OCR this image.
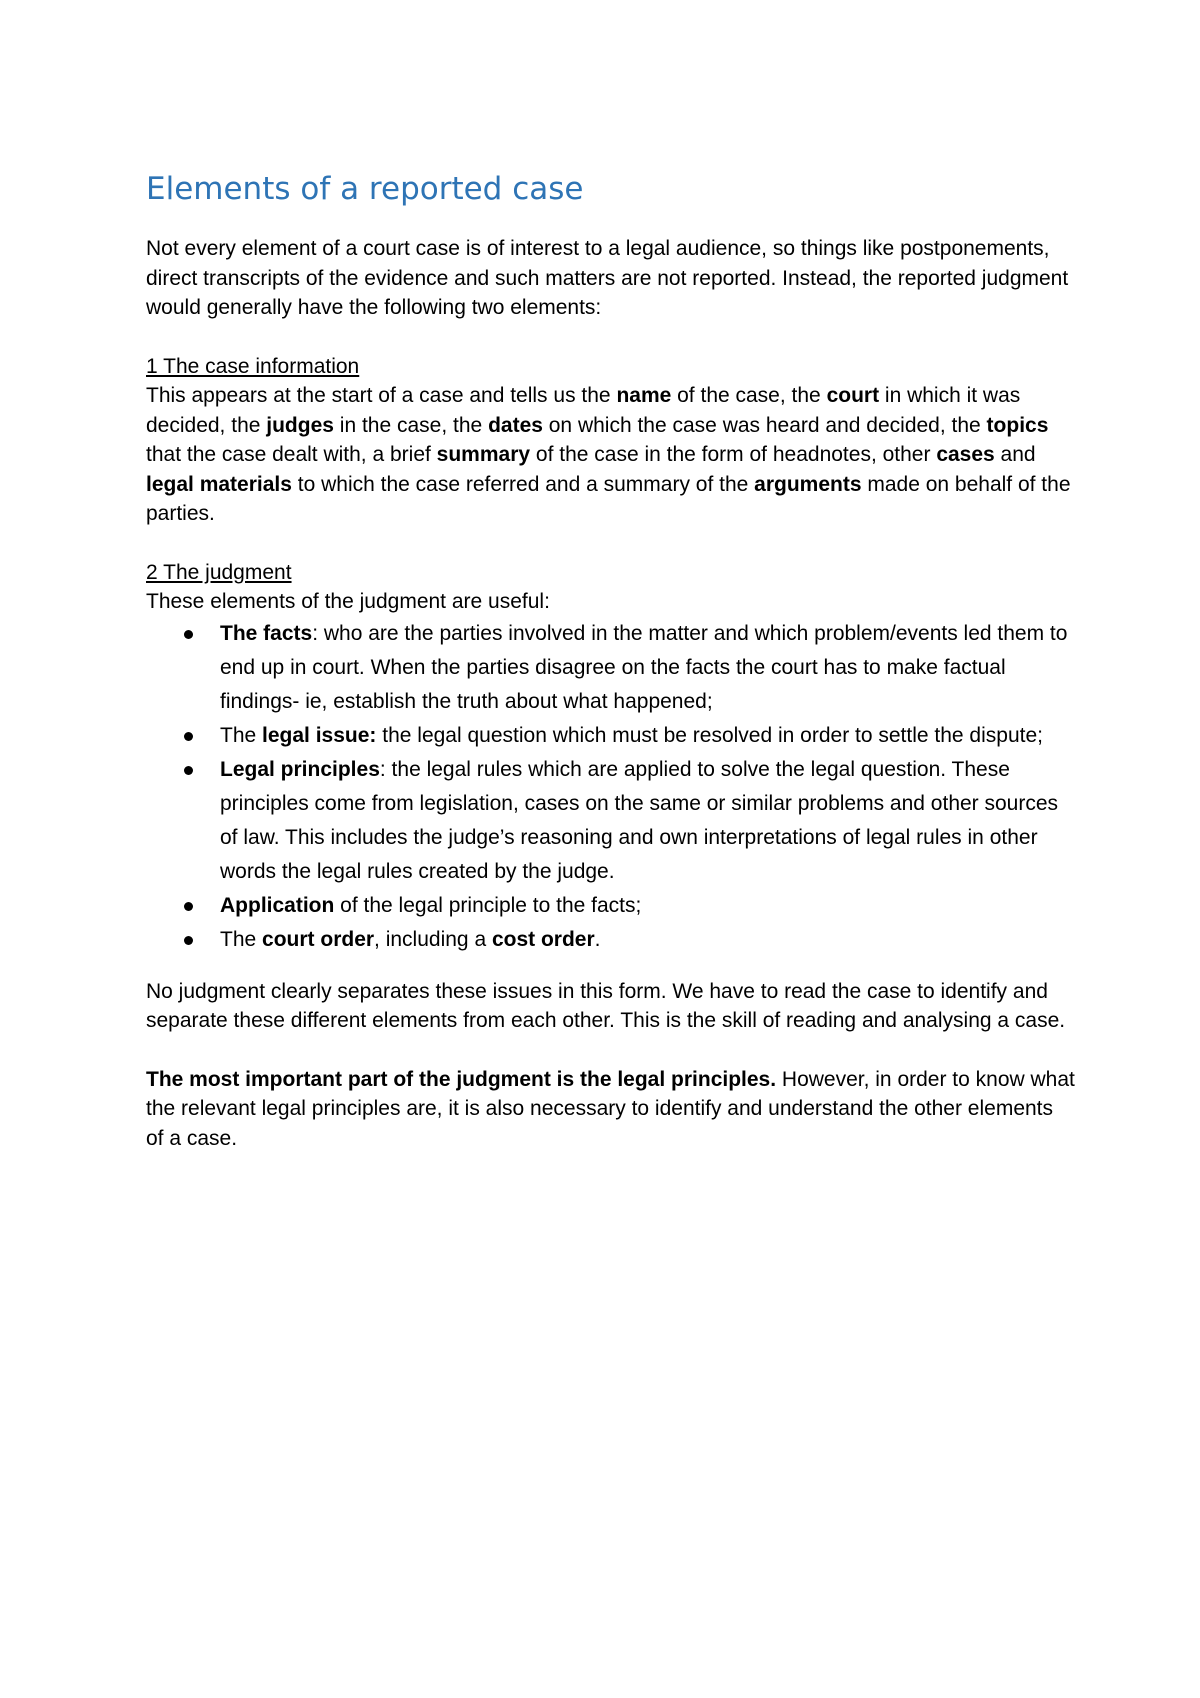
Elements of a reported case

Not every element of a court case is of interest to a legal audience, so things like postponements, direct transcripts of the evidence and such matters are not reported. Instead, the reported judgment would generally have the following two elements:

1 The case information

This appears at the start of a case and tells us the name of the case, the court in which it was decided, the judges in the case, the dates on which the case was heard and decided, the topics that the case dealt with, a brief summary of the case in the form of headnotes, other cases and legal materials to which the case referred and a summary of the arguments made on behalf of the parties.

2 The judgment

These elements of the judgment are useful:

The facts: who are the parties involved in the matter and which problem/events led them to end up in court. When the parties disagree on the facts the court has to make factual findings- ie, establish the truth about what happened;
The legal issue: the legal question which must be resolved in order to settle the dispute;
Legal principles: the legal rules which are applied to solve the legal question. These principles come from legislation, cases on the same or similar problems and other sources of law. This includes the judge’s reasoning and own interpretations of legal rules in other words the legal rules created by the judge.
Application of the legal principle to the facts;
The court order, including a cost order.

No judgment clearly separates these issues in this form. We have to read the case to identify and separate these different elements from each other. This is the skill of reading and analysing a case.

The most important part of the judgment is the legal principles. However, in order to know what the relevant legal principles are, it is also necessary to identify and understand the other elements of a case.
